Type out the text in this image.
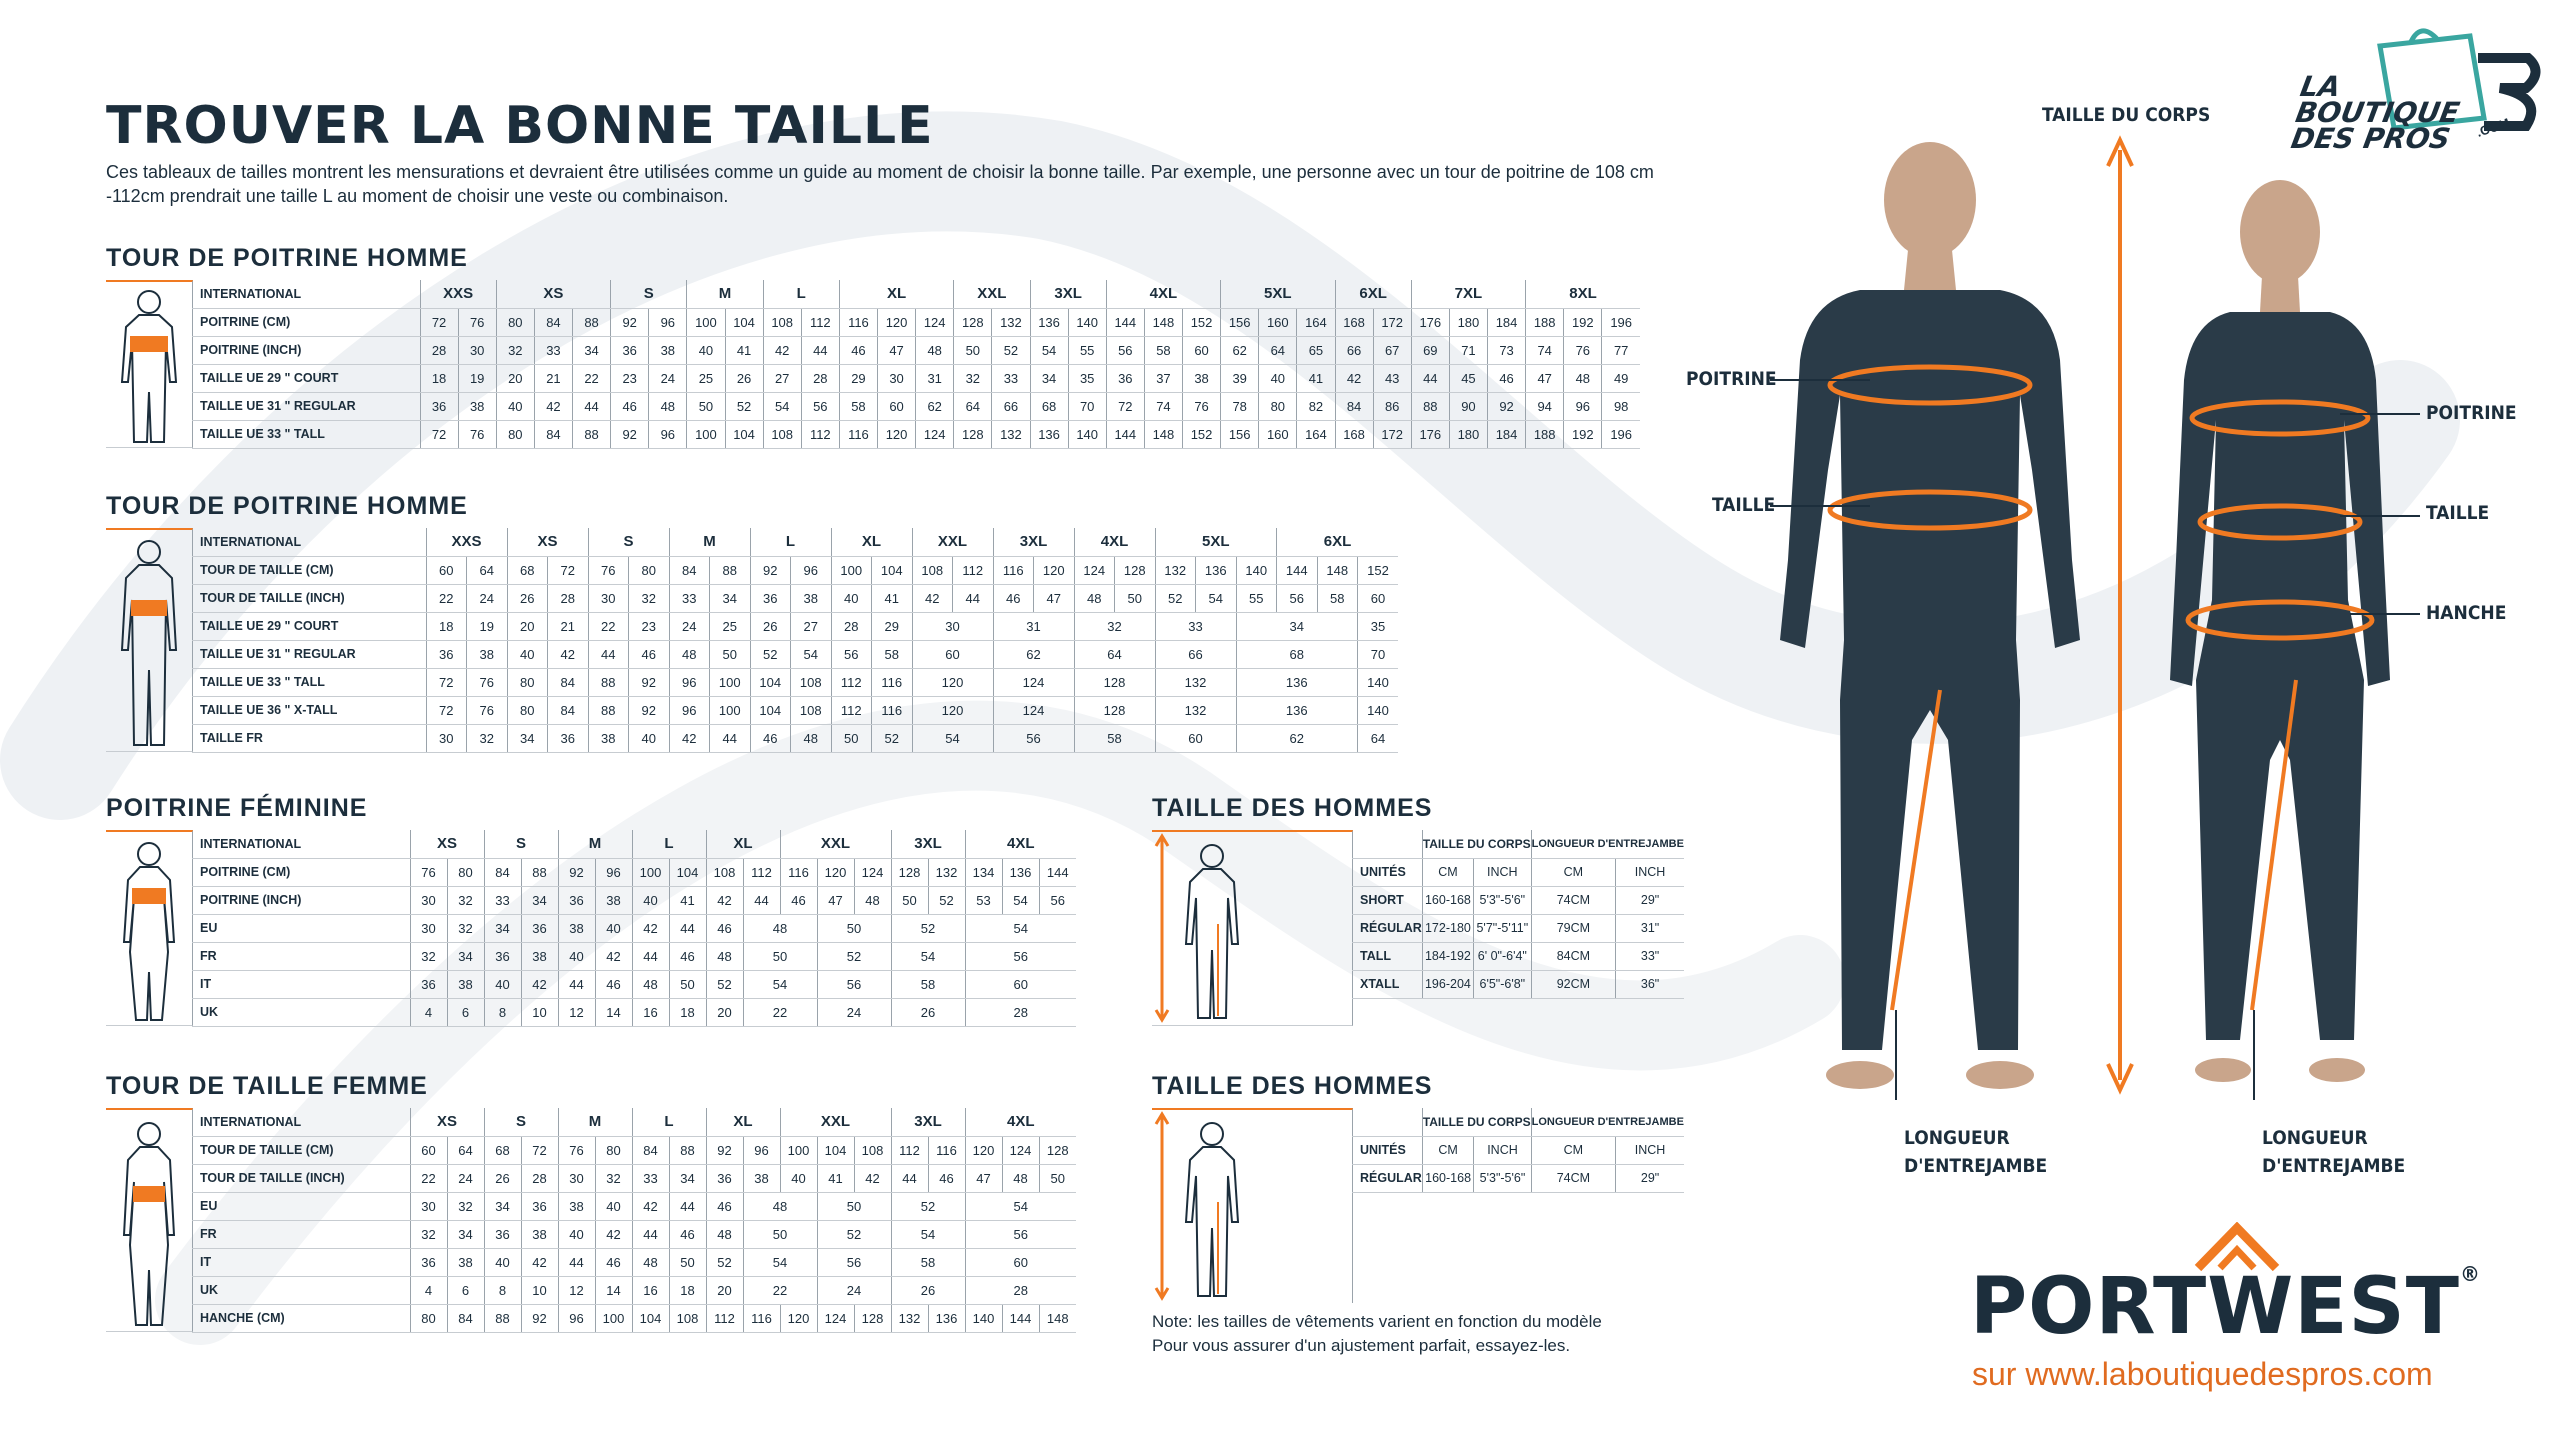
TROUVER LA BONNE TAILLE
Ces tableaux de tailles montrent les mensurations et devraient être utilisées comme un guide au moment de choisir la bonne taille. Par exemple, une personne avec un tour de poitrine de 108 cm -112cm prendrait une taille L au moment de choisir une veste ou combinaison.
TOUR DE POITRINE HOMME
INTERNATIONAL	XXS		XS			S		M		L		XL			XXL		3XL		4XL			5XL			6XL		7XL			8XL		
POITRINE (CM)	72	76	80	84	88	92	96	100	104	108	112	116	120	124	128	132	136	140	144	148	152	156	160	164	168	172	176	180	184	188	192	196
POITRINE (INCH)	28	30	32	33	34	36	38	40	41	42	44	46	47	48	50	52	54	55	56	58	60	62	64	65	66	67	69	71	73	74	76	77
TAILLE UE 29 " COURT	18	19	20	21	22	23	24	25	26	27	28	29	30	31	32	33	34	35	36	37	38	39	40	41	42	43	44	45	46	47	48	49
TAILLE UE 31 " REGULAR	36	38	40	42	44	46	48	50	52	54	56	58	60	62	64	66	68	70	72	74	76	78	80	82	84	86	88	90	92	94	96	98
TAILLE UE 33 " TALL	72	76	80	84	88	92	96	100	104	108	112	116	120	124	128	132	136	140	144	148	152	156	160	164	168	172	176	180	184	188	192	196
TOUR DE POITRINE HOMME
INTERNATIONAL	XXS		XS		S		M		L		XL		XXL		3XL		4XL		5XL			6XL		
TOUR DE TAILLE (CM)	60	64	68	72	76	80	84	88	92	96	100	104	108	112	116	120	124	128	132	136	140	144	148	152
TOUR DE TAILLE (INCH)	22	24	26	28	30	32	33	34	36	38	40	41	42	44	46	47	48	50	52	54	55	56	58	60
TAILLE UE 29 " COURT	18	19	20	21	22	23	24	25	26	27	28	29	30		31		32		33		34			35
TAILLE UE 31 " REGULAR	36	38	40	42	44	46	48	50	52	54	56	58	60		62		64		66		68			70
TAILLE UE 33 " TALL	72	76	80	84	88	92	96	100	104	108	112	116	120		124		128		132		136			140
TAILLE UE 36 " X-TALL	72	76	80	84	88	92	96	100	104	108	112	116	120		124		128		132		136			140
TAILLE FR	30	32	34	36	38	40	42	44	46	48	50	52	54		56		58		60		62			64
POITRINE FÉMININE
INTERNATIONAL	XS		S		M		L		XL		XXL			3XL		4XL		
POITRINE (CM)	76	80	84	88	92	96	100	104	108	112	116	120	124	128	132	134	136	144
POITRINE (INCH)	30	32	33	34	36	38	40	41	42	44	46	47	48	50	52	53	54	56
EU	30	32	34	36	38	40	42	44	46	48		50		52		54		
FR	32	34	36	38	40	42	44	46	48	50		52		54		56		
IT	36	38	40	42	44	46	48	50	52	54		56		58		60		
UK	4	6	8	10	12	14	16	18	20	22		24		26		28		
TOUR DE TAILLE FEMME
INTERNATIONAL	XS		S		M		L		XL		XXL			3XL		4XL		
TOUR DE TAILLE (CM)	60	64	68	72	76	80	84	88	92	96	100	104	108	112	116	120	124	128
TOUR DE TAILLE (INCH)	22	24	26	28	30	32	33	34	36	38	40	41	42	44	46	47	48	50
EU	30	32	34	36	38	40	42	44	46	48		50		52		54		
FR	32	34	36	38	40	42	44	46	48	50		52		54		56		
IT	36	38	40	42	44	46	48	50	52	54		56		58		60		
UK	4	6	8	10	12	14	16	18	20	22		24		26		28		
HANCHE (CM)	80	84	88	92	96	100	104	108	112	116	120	124	128	132	136	140	144	148
TAILLE DES HOMMES
	TAILLE DU CORPS		LONGUEUR D'ENTREJAMBE	
UNITÉS	CM	INCH	CM	INCH
SHORT	160-168	5'3"-5'6"	74CM	29"
RÉGULAR	172-180	5'7"-5'11"	79CM	31"
TALL	184-192	6' 0"-6'4"	84CM	33"
XTALL	196-204	6'5"-6'8"	92CM	36"
TAILLE DES HOMMES
	TAILLE DU CORPS		LONGUEUR D'ENTREJAMBE	
UNITÉS	CM	INCH	CM	INCH
RÉGULAR	160-168	5'3"-5'6"	74CM	29"
Note: les tailles de vêtements varient en fonction du modèle
Pour vous assurer d'un ajustement parfait, essayez-les.
TAILLE DU CORPS
POITRINE
TAILLE
POITRINE
TAILLE
HANCHE
LONGUEUR
D'ENTREJAMBE
LONGUEUR
D'ENTREJAMBE
LA
BOUTIQUE
DES PROS	.COM
PORTWEST®
sur www.laboutiquedespros.com
